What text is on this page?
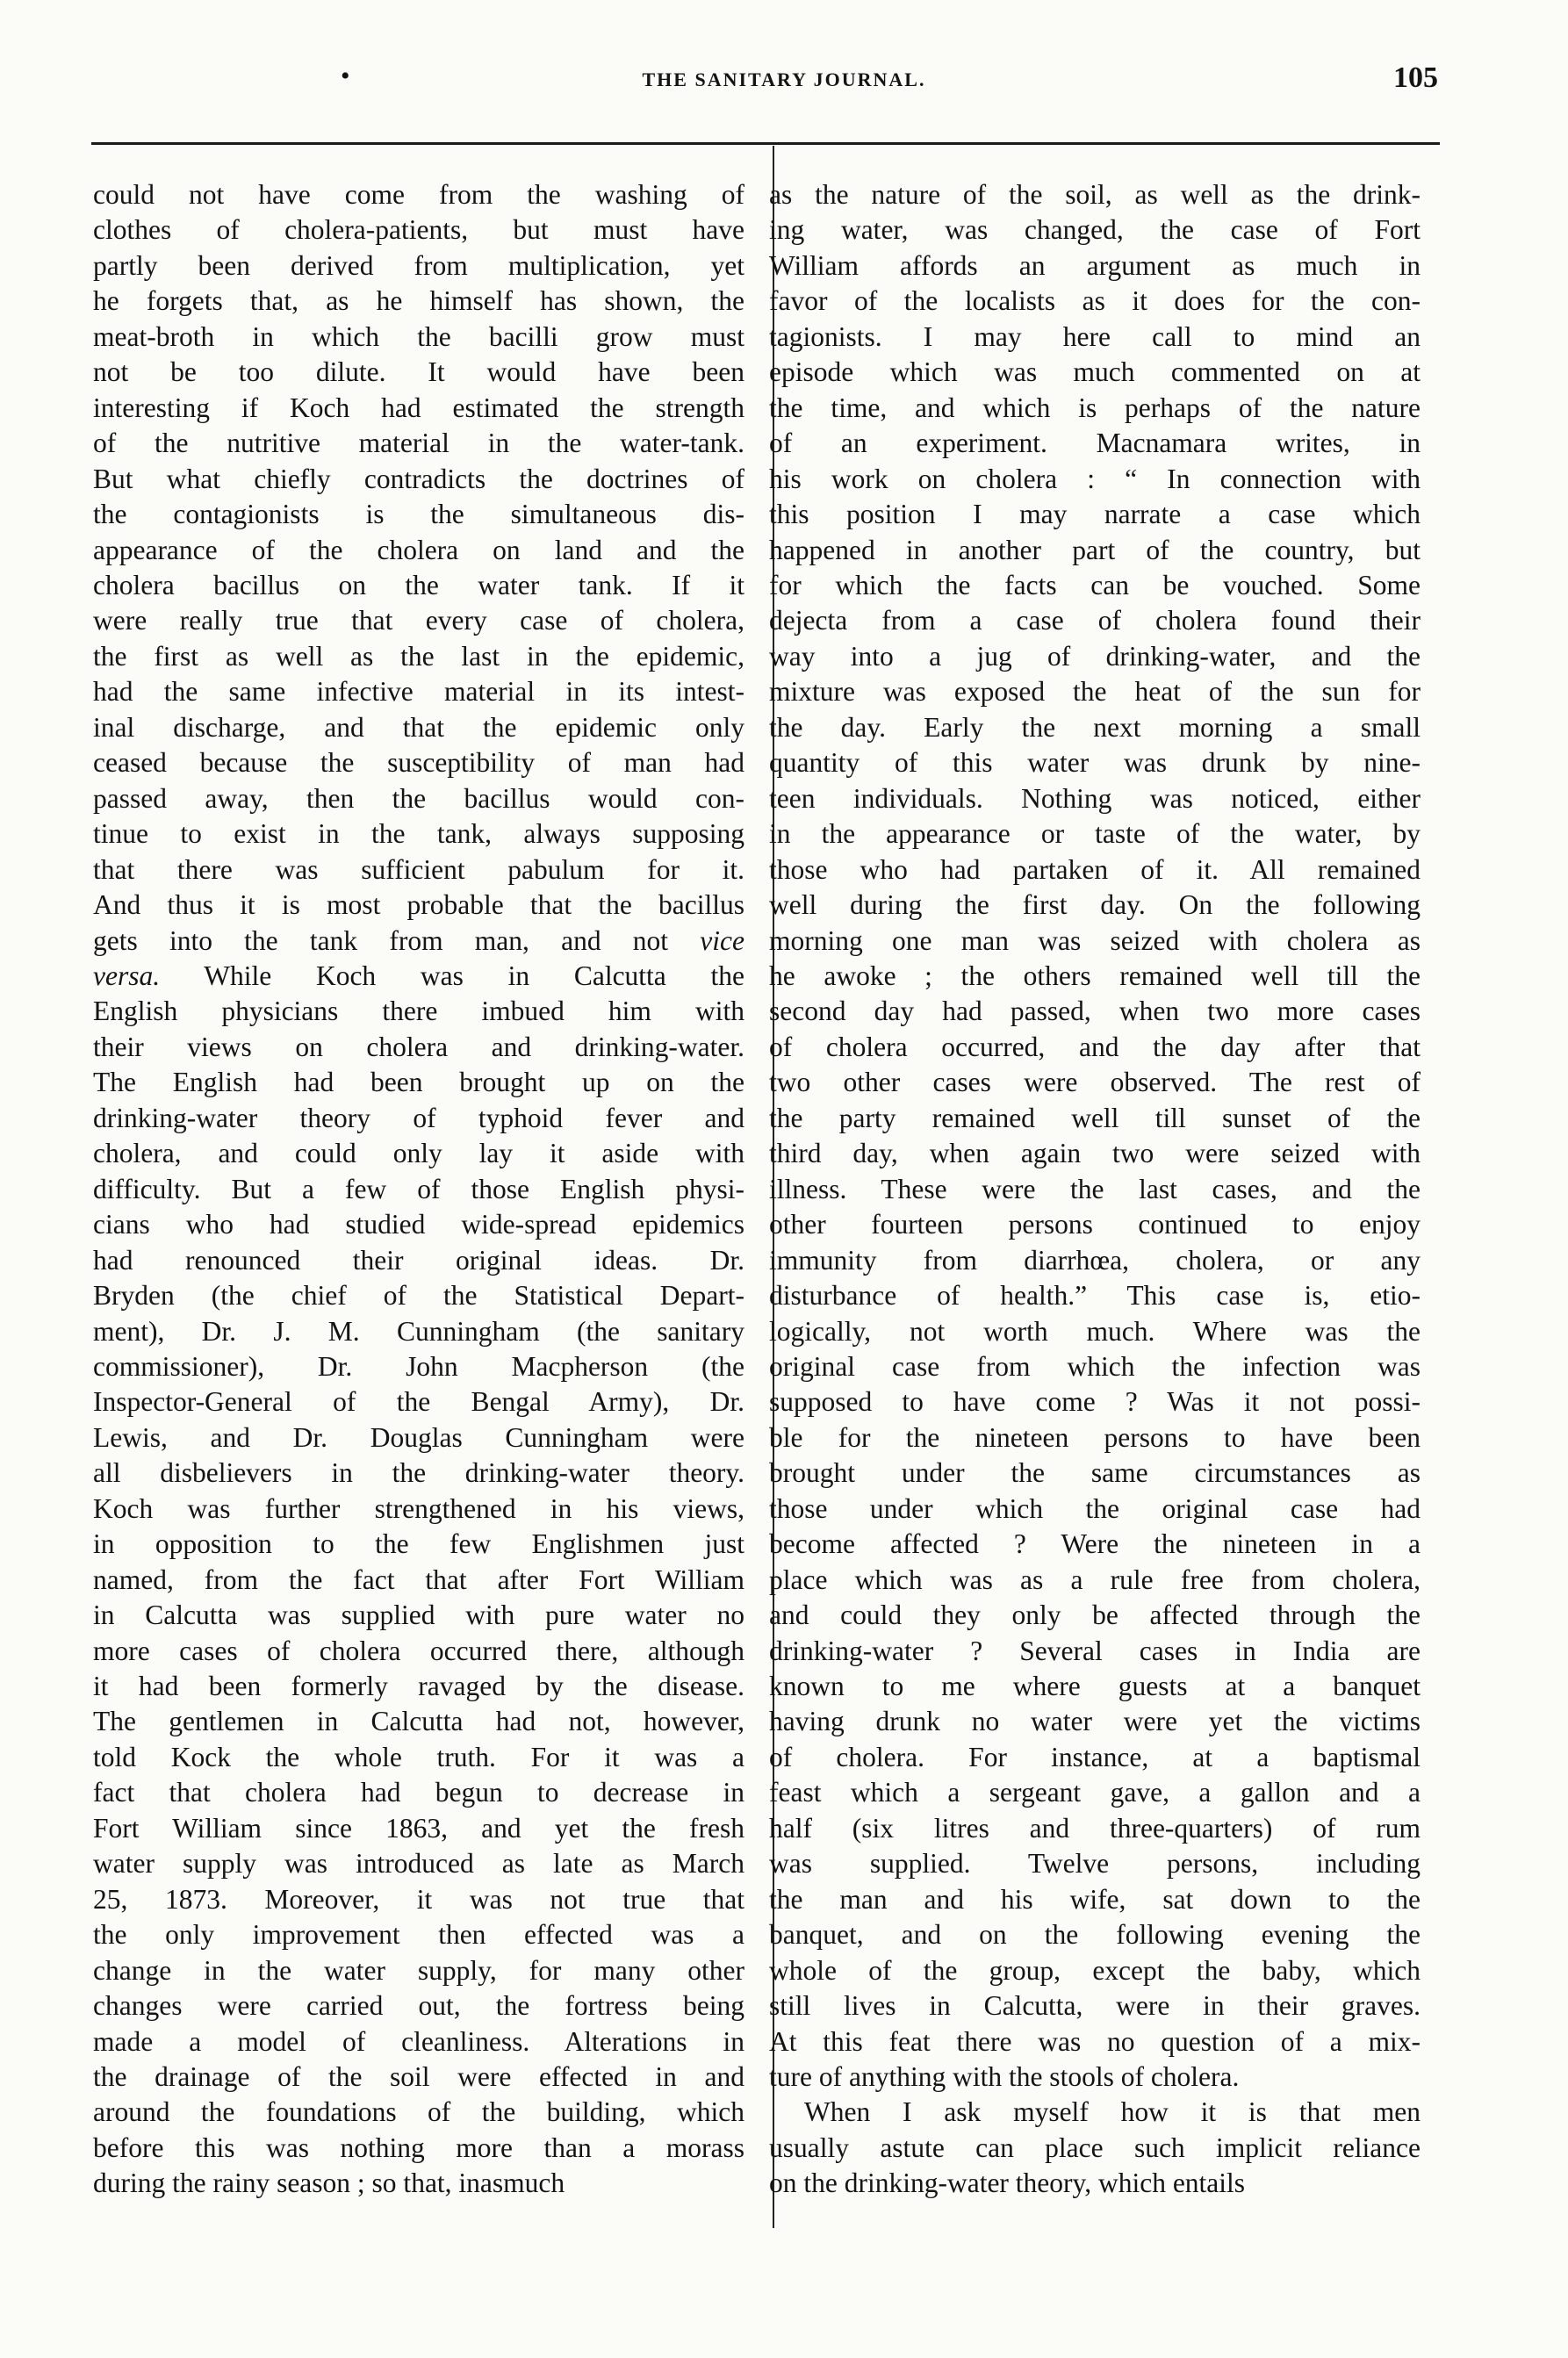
•	THE SANITARY JOURNAL.	105

could not have come from the washing of
clothes of cholera-patients, but must have
partly been derived from multiplication, yet
he forgets that, as he himself has shown, the
meat-broth in which the bacilli grow must
not be too dilute. It would have been
interesting if Koch had estimated the strength
of the nutritive material in the water-tank.
But what chiefly contradicts the doctrines of
the contagionists is the simultaneous dis-
appearance of the cholera on land and the
cholera bacillus on the water tank. If it
were really true that every case of cholera,
the first as well as the last in the epidemic,
had the same infective material in its intest-
inal discharge, and that the epidemic only
ceased because the susceptibility of man had
passed away, then the bacillus would con-
tinue to exist in the tank, always supposing
that there was sufficient pabulum for it.
And thus it is most probable that the bacillus
gets into the tank from man, and not vice
versa. While Koch was in Calcutta the
English physicians there imbued him with
their views on cholera and drinking-water.
The English had been brought up on the
drinking-water theory of typhoid fever and
cholera, and could only lay it aside with
difficulty. But a few of those English physi-
cians who had studied wide-spread epidemics
had renounced their original ideas. Dr.
Bryden (the chief of the Statistical Depart-
ment), Dr. J. M. Cunningham (the sanitary
commissioner), Dr. John Macpherson (the
Inspector-General of the Bengal Army), Dr.
Lewis, and Dr. Douglas Cunningham were
all disbelievers in the drinking-water theory.
Koch was further strengthened in his views,
in opposition to the few Englishmen just
named, from the fact that after Fort William
in Calcutta was supplied with pure water no
more cases of cholera occurred there, although
it had been formerly ravaged by the disease.
The gentlemen in Calcutta had not, however,
told Kock the whole truth. For it was a
fact that cholera had begun to decrease in
Fort William since 1863, and yet the fresh
water supply was introduced as late as March
25, 1873. Moreover, it was not true that
the only improvement then effected was a
change in the water supply, for many other
changes were carried out, the fortress being
made a model of cleanliness. Alterations in
the drainage of the soil were effected in and
around the foundations of the building, which
before this was nothing more than a morass
during the rainy season ; so that, inasmuch

as the nature of the soil, as well as the drink-
ing water, was changed, the case of Fort
William affords an argument as much in
favor of the localists as it does for the con-
tagionists. I may here call to mind an
episode which was much commented on at
the time, and which is perhaps of the nature
of an experiment. Macnamara writes, in
his work on cholera : “ In connection with
this position I may narrate a case which
happened in another part of the country, but
for which the facts can be vouched. Some
dejecta from a case of cholera found their
way into a jug of drinking-water, and the
mixture was exposed the heat of the sun for
the day. Early the next morning a small
quantity of this water was drunk by nine-
teen individuals. Nothing was noticed, either
in the appearance or taste of the water, by
those who had partaken of it. All remained
well during the first day. On the following
morning one man was seized with cholera as
he awoke ; the others remained well till the
second day had passed, when two more cases
of cholera occurred, and the day after that
two other cases were observed. The rest of
the party remained well till sunset of the
third day, when again two were seized with
illness. These were the last cases, and the
other fourteen persons continued to enjoy
immunity from diarrhœa, cholera, or any
disturbance of health.” This case is, etio-
logically, not worth much. Where was the
original case from which the infection was
supposed to have come ? Was it not possi-
ble for the nineteen persons to have been
brought under the same circumstances as
those under which the original case had
become affected ? Were the nineteen in a
place which was as a rule free from cholera,
and could they only be affected through the
drinking-water ? Several cases in India are
known to me where guests at a banquet
having drunk no water were yet the victims
of cholera. For instance, at a baptismal
feast which a sergeant gave, a gallon and a
half (six litres and three-quarters) of rum
was supplied. Twelve persons, including
the man and his wife, sat down to the
banquet, and on the following evening the
whole of the group, except the baby, which
still lives in Calcutta, were in their graves.
At this feat there was no question of a mix-
ture of anything with the stools of cholera.

When I ask myself how it is that men
usually astute can place such implicit reliance
on the drinking-water theory, which entails
